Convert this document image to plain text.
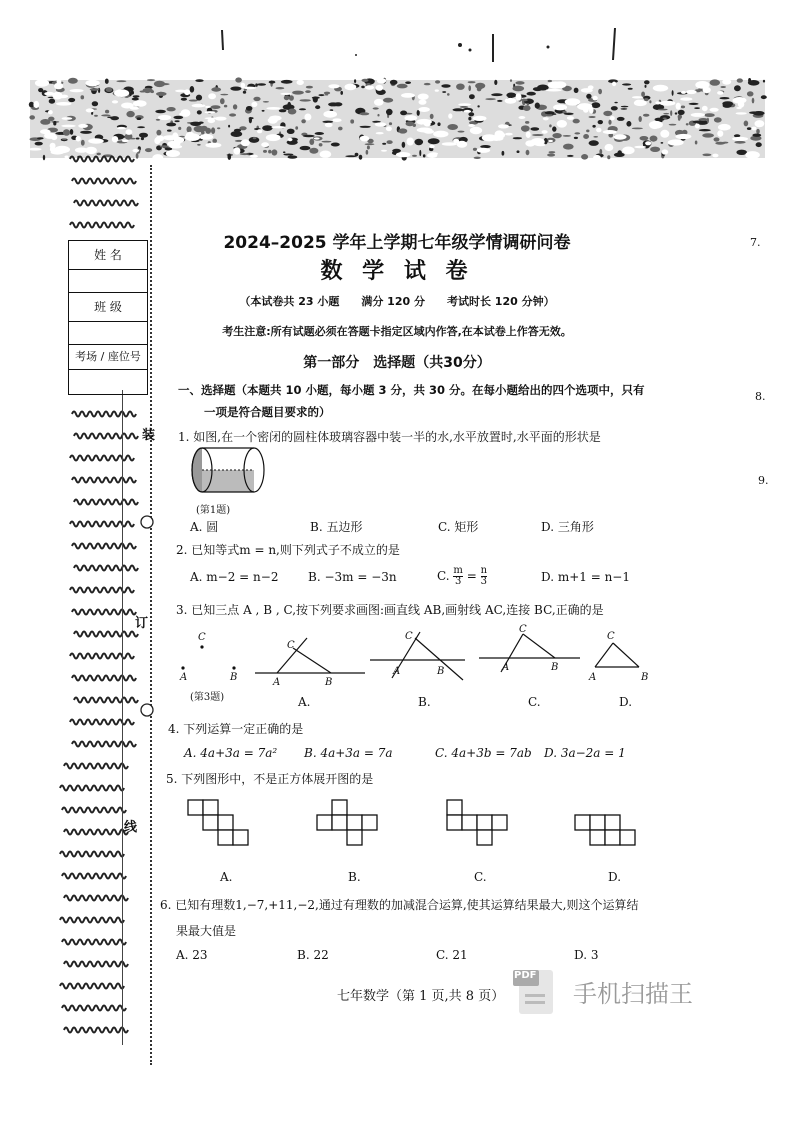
装
订
线
姓 名
班 级
考场 / 座位号
2024–2025 学年上学期七年级学情调研问卷
数 学 试 卷
（本试卷共 23 小题　　满分 120 分　　考试时长 120 分钟）
考生注意:所有试题必须在答题卡指定区域内作答,在本试卷上作答无效。
第一部分　选择题（共30分）
一、选择题（本题共 10 小题，每小题 3 分，共 30 分。在每小题给出的四个选项中，只有
一项是符合题目要求的）
7.
8.
9.
1. 如图,在一个密闭的圆柱体玻璃容器中装一半的水,水平放置时,水平面的形状是
(第1题)
A. 圆	B. 五边形	C. 矩形	D. 三角形
2. 已知等式m = n,则下列式子不成立的是
A. m−2 = n−2 B. −3m = −3n	C. $\frac{m}{3} = \frac{n}{3}$	D. m+1 = n−1
3. 已知三点 A , B , C,按下列要求画图:画直线 AB,画射线 AC,连接 BC,正确的是
C
A	B
(第3题)
A	B
C
A	B
C
A	B
C
A	B
C
A.	B.	C.	D.
4. 下列运算一定正确的是
A. 4a+3a = 7a² B. 4a+3a = 7a	C. 4a+3b = 7ab D. 3a−2a = 1
5. 下列图形中，不是正方体展开图的是
A.	B.	C.	D.
6. 已知有理数1,−7,+11,−2,通过有理数的加减混合运算,使其运算结果最大,则这个运算结
果最大值是
A. 23	B. 22	C. 21	D. 3
七年数学（第 1 页,共 8 页）
PDF
手机扫描王
